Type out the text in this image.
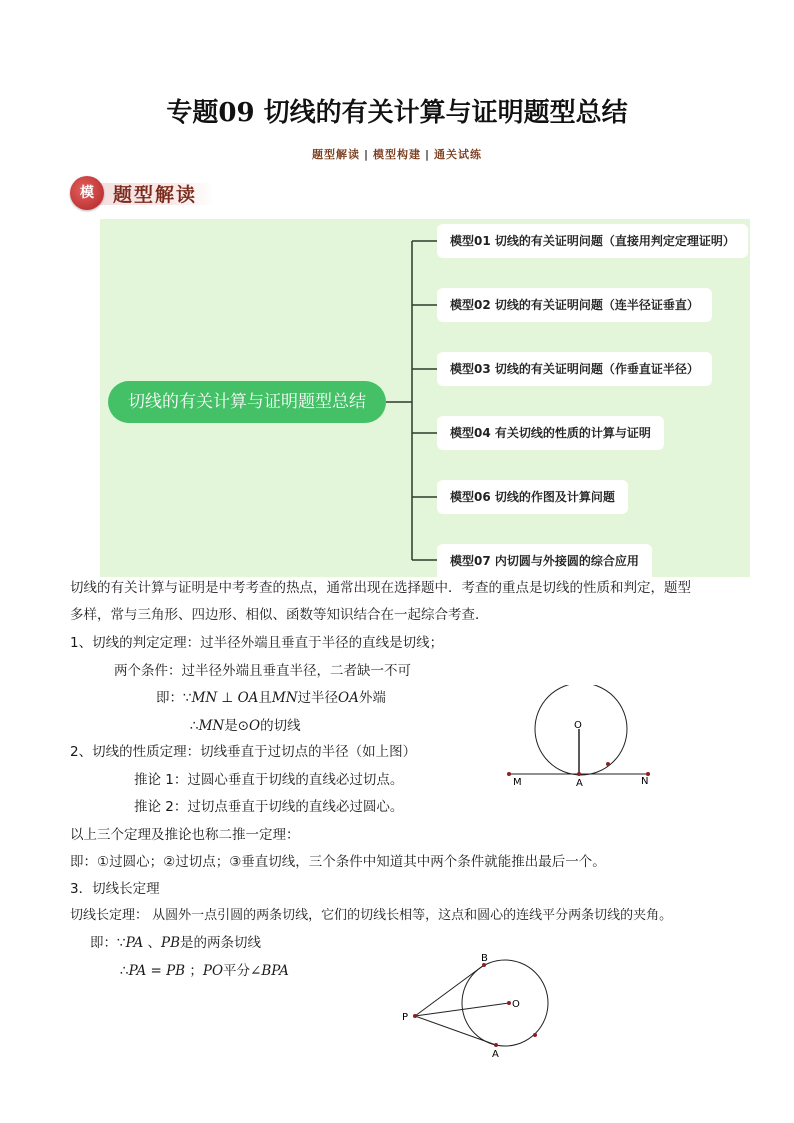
专题09 切线的有关计算与证明题型总结
题型解读 | 模型构建 | 通关试练
模	题型解读
切线的有关计算与证明题型总结
模型01 切线的有关证明问题（直接用判定定理证明）
模型02 切线的有关证明问题（连半径证垂直）
模型03 切线的有关证明问题（作垂直证半径）
模型04 有关切线的性质的计算与证明
模型06 切线的作图及计算问题
模型07 内切圆与外接圆的综合应用
切线的有关计算与证明是中考考查的热点，通常出现在选择题中．考查的重点是切线的性质和判定，题型
多样，常与三角形、四边形、相似、函数等知识结合在一起综合考查．
1、切线的判定定理：过半径外端且垂直于半径的直线是切线；
两个条件：过半径外端且垂直半径，二者缺一不可
即：∵MN ⊥ OA且MN过半径OA外端
∴MN是⊙O的切线
2、切线的性质定理：切线垂直于过切点的半径（如上图）
推论 1：过圆心垂直于切线的直线必过切点。
推论 2：过切点垂直于切线的直线必过圆心。
以上三个定理及推论也称二推一定理：
即：①过圆心；②过切点；③垂直切线，三个条件中知道其中两个条件就能推出最后一个。
3．切线长定理
切线长定理： 从圆外一点引圆的两条切线，它们的切线长相等，这点和圆心的连线平分两条切线的夹角。
即：∵PA 、PB是的两条切线
∴PA = PB ；PO平分∠BPA
O
M	A	N
B
O
P
A
